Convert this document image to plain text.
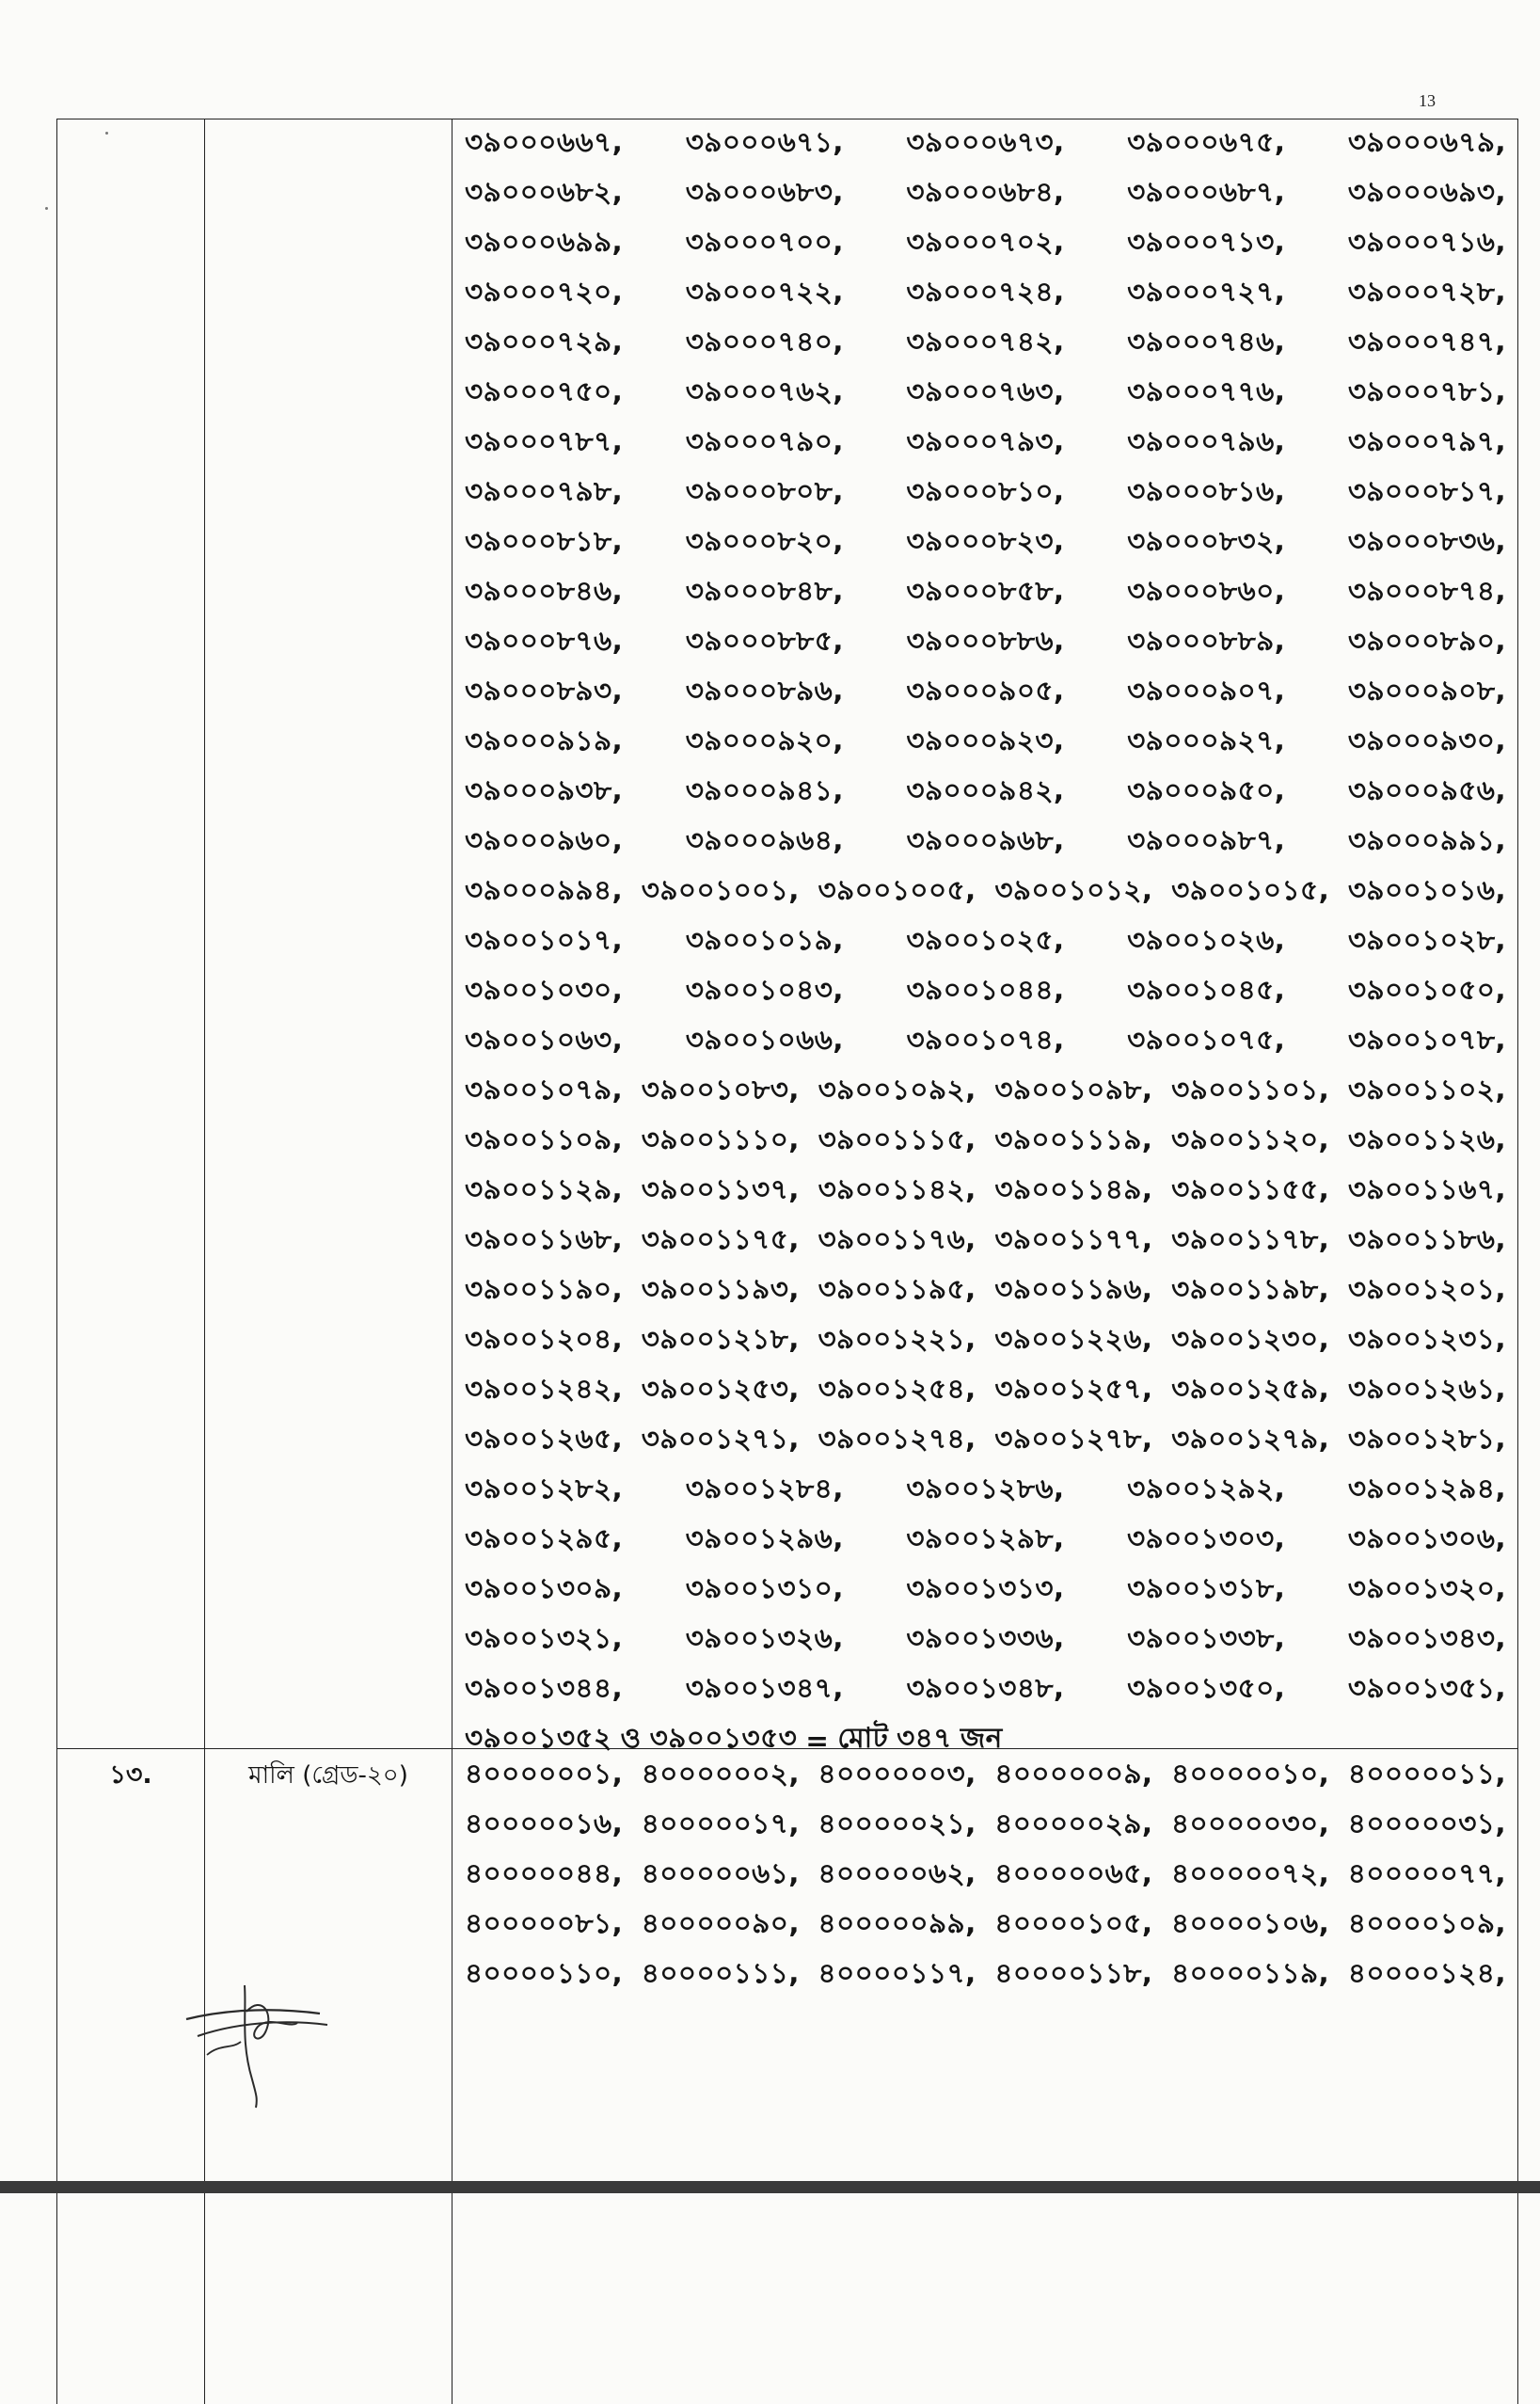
13
৩৯০০০৬৬৭, ৩৯০০০৬৭১, ৩৯০০০৬৭৩, ৩৯০০০৬৭৫, ৩৯০০০৬৭৯,
৩৯০০০৬৮২, ৩৯০০০৬৮৩, ৩৯০০০৬৮৪, ৩৯০০০৬৮৭, ৩৯০০০৬৯৩,
৩৯০০০৬৯৯, ৩৯০০০৭০০, ৩৯০০০৭০২, ৩৯০০০৭১৩, ৩৯০০০৭১৬,
৩৯০০০৭২০, ৩৯০০০৭২২, ৩৯০০০৭২৪, ৩৯০০০৭২৭, ৩৯০০০৭২৮,
৩৯০০০৭২৯, ৩৯০০০৭৪০, ৩৯০০০৭৪২, ৩৯০০০৭৪৬, ৩৯০০০৭৪৭,
৩৯০০০৭৫০, ৩৯০০০৭৬২, ৩৯০০০৭৬৩, ৩৯০০০৭৭৬, ৩৯০০০৭৮১,
৩৯০০০৭৮৭, ৩৯০০০৭৯০, ৩৯০০০৭৯৩, ৩৯০০০৭৯৬, ৩৯০০০৭৯৭,
৩৯০০০৭৯৮, ৩৯০০০৮০৮, ৩৯০০০৮১০, ৩৯০০০৮১৬, ৩৯০০০৮১৭,
৩৯০০০৮১৮, ৩৯০০০৮২০, ৩৯০০০৮২৩, ৩৯০০০৮৩২, ৩৯০০০৮৩৬,
৩৯০০০৮৪৬, ৩৯০০০৮৪৮, ৩৯০০০৮৫৮, ৩৯০০০৮৬০, ৩৯০০০৮৭৪,
৩৯০০০৮৭৬, ৩৯০০০৮৮৫, ৩৯০০০৮৮৬, ৩৯০০০৮৮৯, ৩৯০০০৮৯০,
৩৯০০০৮৯৩, ৩৯০০০৮৯৬, ৩৯০০০৯০৫, ৩৯০০০৯০৭, ৩৯০০০৯০৮,
৩৯০০০৯১৯, ৩৯০০০৯২০, ৩৯০০০৯২৩, ৩৯০০০৯২৭, ৩৯০০০৯৩০,
৩৯০০০৯৩৮, ৩৯০০০৯৪১, ৩৯০০০৯৪২, ৩৯০০০৯৫০, ৩৯০০০৯৫৬,
৩৯০০০৯৬০, ৩৯০০০৯৬৪, ৩৯০০০৯৬৮, ৩৯০০০৯৮৭, ৩৯০০০৯৯১,
৩৯০০০৯৯৪, ৩৯০০১০০১, ৩৯০০১০০৫, ৩৯০০১০১২, ৩৯০০১০১৫, ৩৯০০১০১৬,
৩৯০০১০১৭, ৩৯০০১০১৯, ৩৯০০১০২৫, ৩৯০০১০২৬, ৩৯০০১০২৮,
৩৯০০১০৩০, ৩৯০০১০৪৩, ৩৯০০১০৪৪, ৩৯০০১০৪৫, ৩৯০০১০৫০,
৩৯০০১০৬৩, ৩৯০০১০৬৬, ৩৯০০১০৭৪, ৩৯০০১০৭৫, ৩৯০০১০৭৮,
৩৯০০১০৭৯, ৩৯০০১০৮৩, ৩৯০০১০৯২, ৩৯০০১০৯৮, ৩৯০০১১০১, ৩৯০০১১০২,
৩৯০০১১০৯, ৩৯০০১১১০, ৩৯০০১১১৫, ৩৯০০১১১৯, ৩৯০০১১২০, ৩৯০০১১২৬,
৩৯০০১১২৯, ৩৯০০১১৩৭, ৩৯০০১১৪২, ৩৯০০১১৪৯, ৩৯০০১১৫৫, ৩৯০০১১৬৭,
৩৯০০১১৬৮, ৩৯০০১১৭৫, ৩৯০০১১৭৬, ৩৯০০১১৭৭, ৩৯০০১১৭৮, ৩৯০০১১৮৬,
৩৯০০১১৯০, ৩৯০০১১৯৩, ৩৯০০১১৯৫, ৩৯০০১১৯৬, ৩৯০০১১৯৮, ৩৯০০১২০১,
৩৯০০১২০৪, ৩৯০০১২১৮, ৩৯০০১২২১, ৩৯০০১২২৬, ৩৯০০১২৩০, ৩৯০০১২৩১,
৩৯০০১২৪২, ৩৯০০১২৫৩, ৩৯০০১২৫৪, ৩৯০০১২৫৭, ৩৯০০১২৫৯, ৩৯০০১২৬১,
৩৯০০১২৬৫, ৩৯০০১২৭১, ৩৯০০১২৭৪, ৩৯০০১২৭৮, ৩৯০০১২৭৯, ৩৯০০১২৮১,
৩৯০০১২৮২, ৩৯০০১২৮৪, ৩৯০০১২৮৬, ৩৯০০১২৯২, ৩৯০০১২৯৪,
৩৯০০১২৯৫, ৩৯০০১২৯৬, ৩৯০০১২৯৮, ৩৯০০১৩০৩, ৩৯০০১৩০৬,
৩৯০০১৩০৯, ৩৯০০১৩১০, ৩৯০০১৩১৩, ৩৯০০১৩১৮, ৩৯০০১৩২০,
৩৯০০১৩২১, ৩৯০০১৩২৬, ৩৯০০১৩৩৬, ৩৯০০১৩৩৮, ৩৯০০১৩৪৩,
৩৯০০১৩৪৪, ৩৯০০১৩৪৭, ৩৯০০১৩৪৮, ৩৯০০১৩৫০, ৩৯০০১৩৫১,
৩৯০০১৩৫২ ও ৩৯০০১৩৫৩ = মোট ৩৪৭ জন
১৩.	মালি (গ্রেড-২০)	৪০০০০০০১, ৪০০০০০০২, ৪০০০০০০৩, ৪০০০০০০৯, ৪০০০০০১০, ৪০০০০০১১,
৪০০০০০১৬, ৪০০০০০১৭, ৪০০০০০২১, ৪০০০০০২৯, ৪০০০০০৩০, ৪০০০০০৩১,
৪০০০০০৪৪, ৪০০০০০৬১, ৪০০০০০৬২, ৪০০০০০৬৫, ৪০০০০০৭২, ৪০০০০০৭৭,
৪০০০০০৮১, ৪০০০০০৯০, ৪০০০০০৯৯, ৪০০০০১০৫, ৪০০০০১০৬, ৪০০০০১০৯,
৪০০০০১১০, ৪০০০০১১১, ৪০০০০১১৭, ৪০০০০১১৮, ৪০০০০১১৯, ৪০০০০১২৪,
